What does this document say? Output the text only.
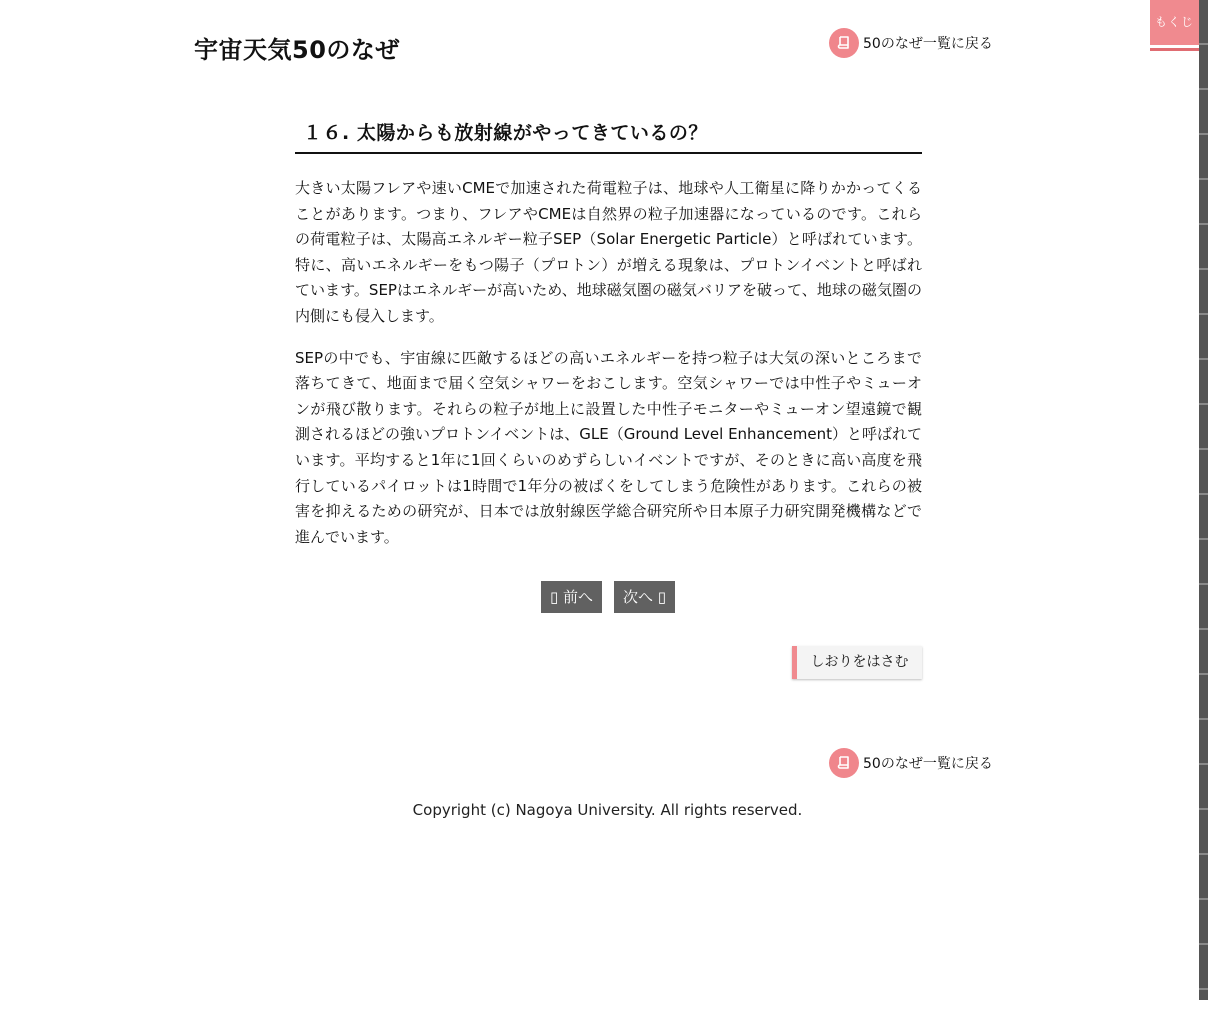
もくじ
宇宙天気50のなぜ	50のなぜ一覧に戻る
１６. 太陽からも放射線がやってきているの？

大きい太陽フレアや速いCMEで加速された荷電粒子は、地球や人工衛星に降りかかってくることがあります。つまり、フレアやCMEは自然界の粒子加速器になっているのです。これらの荷電粒子は、太陽高エネルギー粒子SEP（Solar Energetic Particle）と呼ばれています。特に、高いエネルギーをもつ陽子（プロトン）が増える現象は、プロトンイベントと呼ばれています。SEPはエネルギーが高いため、地球磁気圏の磁気バリアを破って、地球の磁気圏の内側にも侵入します。

SEPの中でも、宇宙線に匹敵するほどの高いエネルギーを持つ粒子は大気の深いところまで落ちてきて、地面まで届く空気シャワーをおこします。空気シャワーでは中性子やミューオンが飛び散ります。それらの粒子が地上に設置した中性子モニターやミューオン望遠鏡で観測されるほどの強いプロトンイベントは、GLE（Ground Level Enhancement）と呼ばれています。平均すると1年に1回くらいのめずらしいイベントですが、そのときに高い高度を飛行しているパイロットは1時間で1年分の被ばくをしてしまう危険性があります。これらの被害を抑えるための研究が、日本では放射線医学総合研究所や日本原子力研究開発機構などで進んでいます。

▯ 前へ	次へ ▯
しおりをはさむ
50のなぜ一覧に戻る
Copyright (c) Nagoya University. All rights reserved.
